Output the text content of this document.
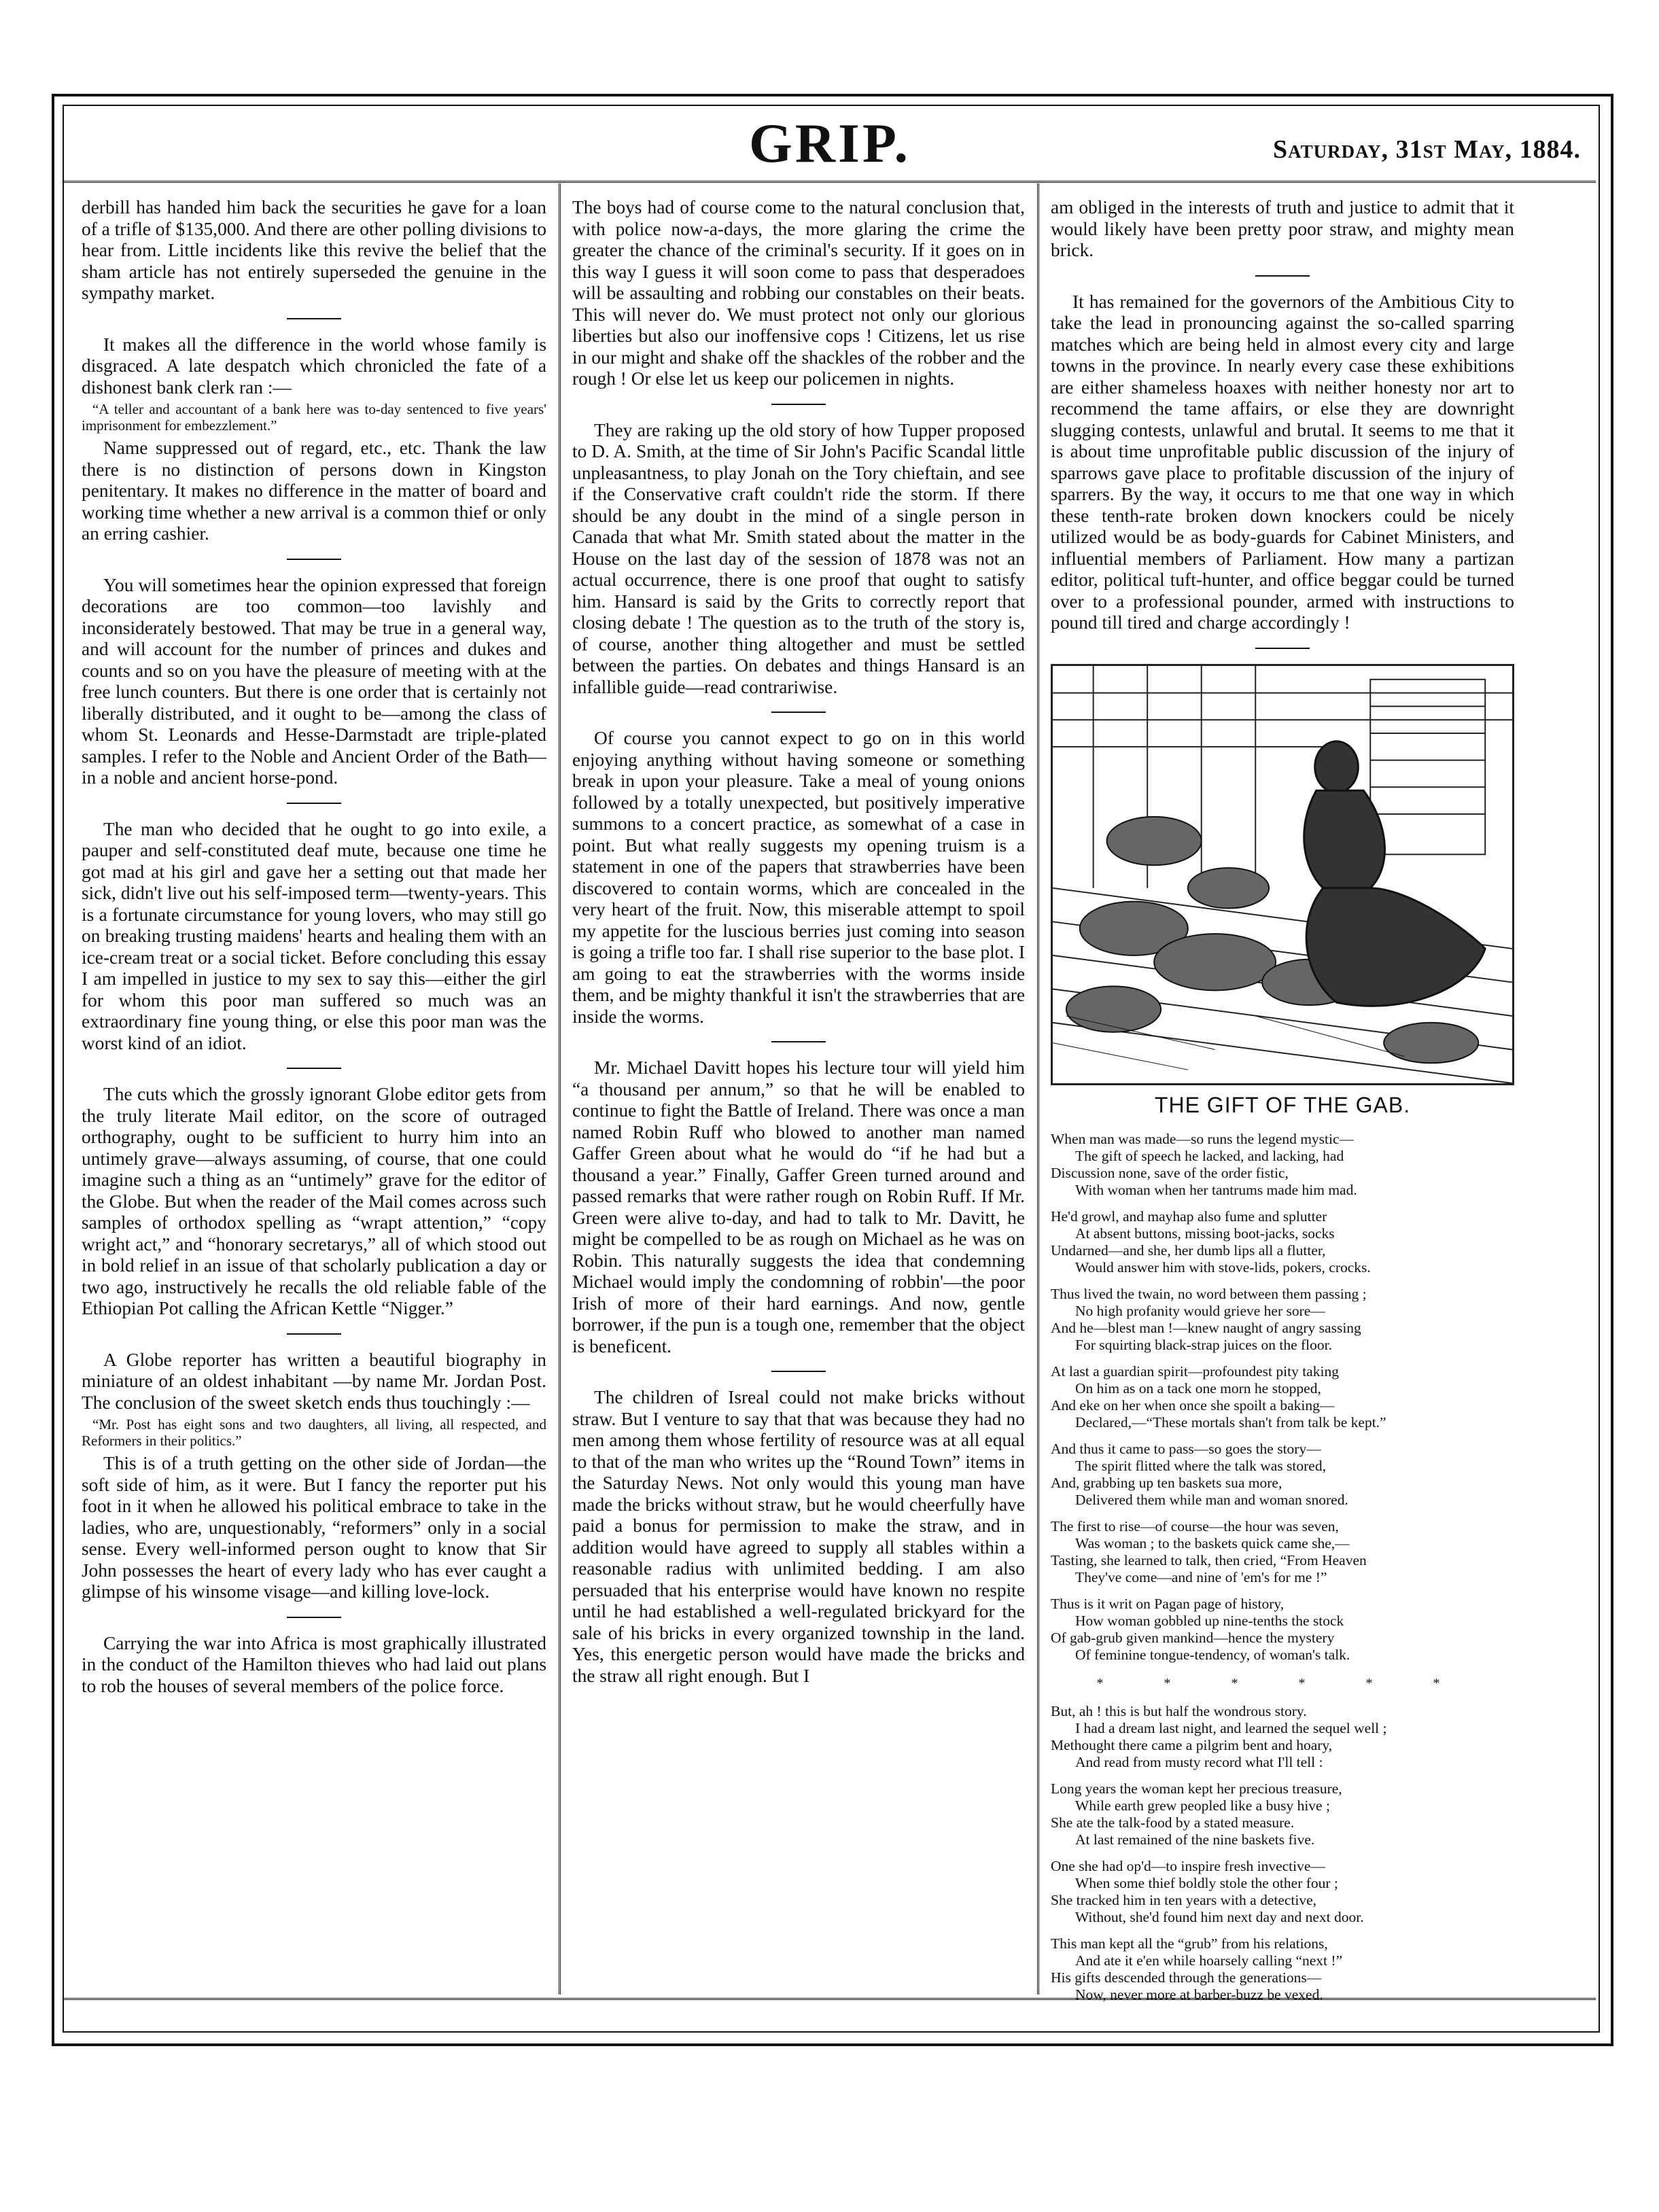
GRIP.	Saturday, 31st May, 1884.

derbill has handed him back the securities he gave for a loan of a trifle of $135,000. And there are other polling divisions to hear from. Little incidents like this revive the belief that the sham article has not entirely superseded the genuine in the sympathy market.

It makes all the difference in the world whose family is disgraced. A late despatch which chronicled the fate of a dishonest bank clerk ran :—

“A teller and accountant of a bank here was to-day sentenced to five years' imprisonment for embezzlement.”

Name suppressed out of regard, etc., etc. Thank the law there is no distinction of persons down in Kingston penitentary. It makes no difference in the matter of board and working time whether a new arrival is a common thief or only an erring cashier.

You will sometimes hear the opinion expressed that foreign decorations are too common—too lavishly and inconsiderately bestowed. That may be true in a general way, and will account for the number of princes and dukes and counts and so on you have the pleasure of meeting with at the free lunch counters. But there is one order that is certainly not liberally distributed, and it ought to be—among the class of whom St. Leonards and Hesse-Darmstadt are triple-plated samples. I refer to the Noble and Ancient Order of the Bath—in a noble and ancient horse-pond.

The man who decided that he ought to go into exile, a pauper and self-constituted deaf mute, because one time he got mad at his girl and gave her a setting out that made her sick, didn't live out his self-imposed term—twenty-years. This is a fortunate circumstance for young lovers, who may still go on breaking trusting maidens' hearts and healing them with an ice-cream treat or a social ticket. Before concluding this essay I am impelled in justice to my sex to say this—either the girl for whom this poor man suffered so much was an extraordinary fine young thing, or else this poor man was the worst kind of an idiot.

The cuts which the grossly ignorant Globe editor gets from the truly literate Mail editor, on the score of outraged orthography, ought to be sufficient to hurry him into an untimely grave—always assuming, of course, that one could imagine such a thing as an “untimely” grave for the editor of the Globe. But when the reader of the Mail comes across such samples of orthodox spelling as “wrapt attention,” “copy wright act,” and “honorary secretarys,” all of which stood out in bold relief in an issue of that scholarly publication a day or two ago, instructively he recalls the old reliable fable of the Ethiopian Pot calling the African Kettle “Nigger.”

A Globe reporter has written a beautiful biography in miniature of an oldest inhabitant —by name Mr. Jordan Post. The conclusion of the sweet sketch ends thus touchingly :—

“Mr. Post has eight sons and two daughters, all living, all respected, and Reformers in their politics.”

This is of a truth getting on the other side of Jordan—the soft side of him, as it were. But I fancy the reporter put his foot in it when he allowed his political embrace to take in the ladies, who are, unquestionably, “reformers” only in a social sense. Every well-informed person ought to know that Sir John possesses the heart of every lady who has ever caught a glimpse of his winsome visage—and killing love-lock.

Carrying the war into Africa is most graphically illustrated in the conduct of the Hamilton thieves who had laid out plans to rob the houses of several members of the police force.

The boys had of course come to the natural conclusion that, with police now-a-days, the more glaring the crime the greater the chance of the criminal's security. If it goes on in this way I guess it will soon come to pass that desperadoes will be assaulting and robbing our constables on their beats. This will never do. We must protect not only our glorious liberties but also our inoffensive cops ! Citizens, let us rise in our might and shake off the shackles of the robber and the rough ! Or else let us keep our policemen in nights.

They are raking up the old story of how Tupper proposed to D. A. Smith, at the time of Sir John's Pacific Scandal little unpleasantness, to play Jonah on the Tory chieftain, and see if the Conservative craft couldn't ride the storm. If there should be any doubt in the mind of a single person in Canada that what Mr. Smith stated about the matter in the House on the last day of the session of 1878 was not an actual occurrence, there is one proof that ought to satisfy him. Hansard is said by the Grits to correctly report that closing debate ! The question as to the truth of the story is, of course, another thing altogether and must be settled between the parties. On debates and things Hansard is an infallible guide—read contrariwise.

Of course you cannot expect to go on in this world enjoying anything without having someone or something break in upon your pleasure. Take a meal of young onions followed by a totally unexpected, but positively imperative summons to a concert practice, as somewhat of a case in point. But what really suggests my opening truism is a statement in one of the papers that strawberries have been discovered to contain worms, which are concealed in the very heart of the fruit. Now, this miserable attempt to spoil my appetite for the luscious berries just coming into season is going a trifle too far. I shall rise superior to the base plot. I am going to eat the strawberries with the worms inside them, and be mighty thankful it isn't the strawberries that are inside the worms.

Mr. Michael Davitt hopes his lecture tour will yield him “a thousand per annum,” so that he will be enabled to continue to fight the Battle of Ireland. There was once a man named Robin Ruff who blowed to another man named Gaffer Green about what he would do “if he had but a thousand a year.” Finally, Gaffer Green turned around and passed remarks that were rather rough on Robin Ruff. If Mr. Green were alive to-day, and had to talk to Mr. Davitt, he might be compelled to be as rough on Michael as he was on Robin. This naturally suggests the idea that condemning Michael would imply the condomning of robbin'—the poor Irish of more of their hard earnings. And now, gentle borrower, if the pun is a tough one, remember that the object is beneficent.

The children of Isreal could not make bricks without straw. But I venture to say that that was because they had no men among them whose fertility of resource was at all equal to that of the man who writes up the “Round Town” items in the Saturday News. Not only would this young man have made the bricks without straw, but he would cheerfully have paid a bonus for permission to make the straw, and in addition would have agreed to supply all stables within a reasonable radius with unlimited bedding. I am also persuaded that his enterprise would have known no respite until he had established a well-regulated brickyard for the sale of his bricks in every organized township in the land. Yes, this energetic person would have made the bricks and the straw all right enough. But I

am obliged in the interests of truth and justice to admit that it would likely have been pretty poor straw, and mighty mean brick.

It has remained for the governors of the Ambitious City to take the lead in pronouncing against the so-called sparring matches which are being held in almost every city and large towns in the province. In nearly every case these exhibitions are either shameless hoaxes with neither honesty nor art to recommend the tame affairs, or else they are downright slugging contests, unlawful and brutal. It seems to me that it is about time unprofitable public discussion of the injury of sparrows gave place to profitable discussion of the injury of sparrers. By the way, it occurs to me that one way in which these tenth-rate broken down knockers could be nicely utilized would be as body-guards for Cabinet Ministers, and influential members of Parliament. How many a partizan editor, political tuft-hunter, and office beggar could be turned over to a professional pounder, armed with instructions to pound till tired and charge accordingly !

THE GIFT OF THE GAB.
When man was made—so runs the legend mystic—
The gift of speech he lacked, and lacking, had
Discussion none, save of the order fistic,
With woman when her tantrums made him mad.
He'd growl, and mayhap also fume and splutter
At absent buttons, missing boot-jacks, socks
Undarned—and she, her dumb lips all a flutter,
Would answer him with stove-lids, pokers, crocks.
Thus lived the twain, no word between them passing ;
No high profanity would grieve her sore—
And he—blest man !—knew naught of angry sassing
For squirting black-strap juices on the floor.
At last a guardian spirit—profoundest pity taking
On him as on a tack one morn he stopped,
And eke on her when once she spoilt a baking—
Declared,—“These mortals shan't from talk be kept.”
And thus it came to pass—so goes the story—
The spirit flitted where the talk was stored,
And, grabbing up ten baskets sua more,
Delivered them while man and woman snored.
The first to rise—of course—the hour was seven,
Was woman ; to the baskets quick came she,—
Tasting, she learned to talk, then cried, “From Heaven
They've come—and nine of 'em's for me !”
Thus is it writ on Pagan page of history,
How woman gobbled up nine-tenths the stock
Of gab-grub given mankind—hence the mystery
Of feminine tongue-tendency, of woman's talk.
* * * * * *
But, ah ! this is but half the wondrous story.
I had a dream last night, and learned the sequel well ;
Methought there came a pilgrim bent and hoary,
And read from musty record what I'll tell :
Long years the woman kept her precious treasure,
While earth grew peopled like a busy hive ;
She ate the talk-food by a stated measure.
At last remained of the nine baskets five.
One she had op'd—to inspire fresh invective—
When some thief boldly stole the other four ;
She tracked him in ten years with a detective,
Without, she'd found him next day and next door.
This man kept all the “grub” from his relations,
And ate it e'en while hoarsely calling “next !”
His gifts descended through the generations—
Now, never more at barber-buzz be vexed.
